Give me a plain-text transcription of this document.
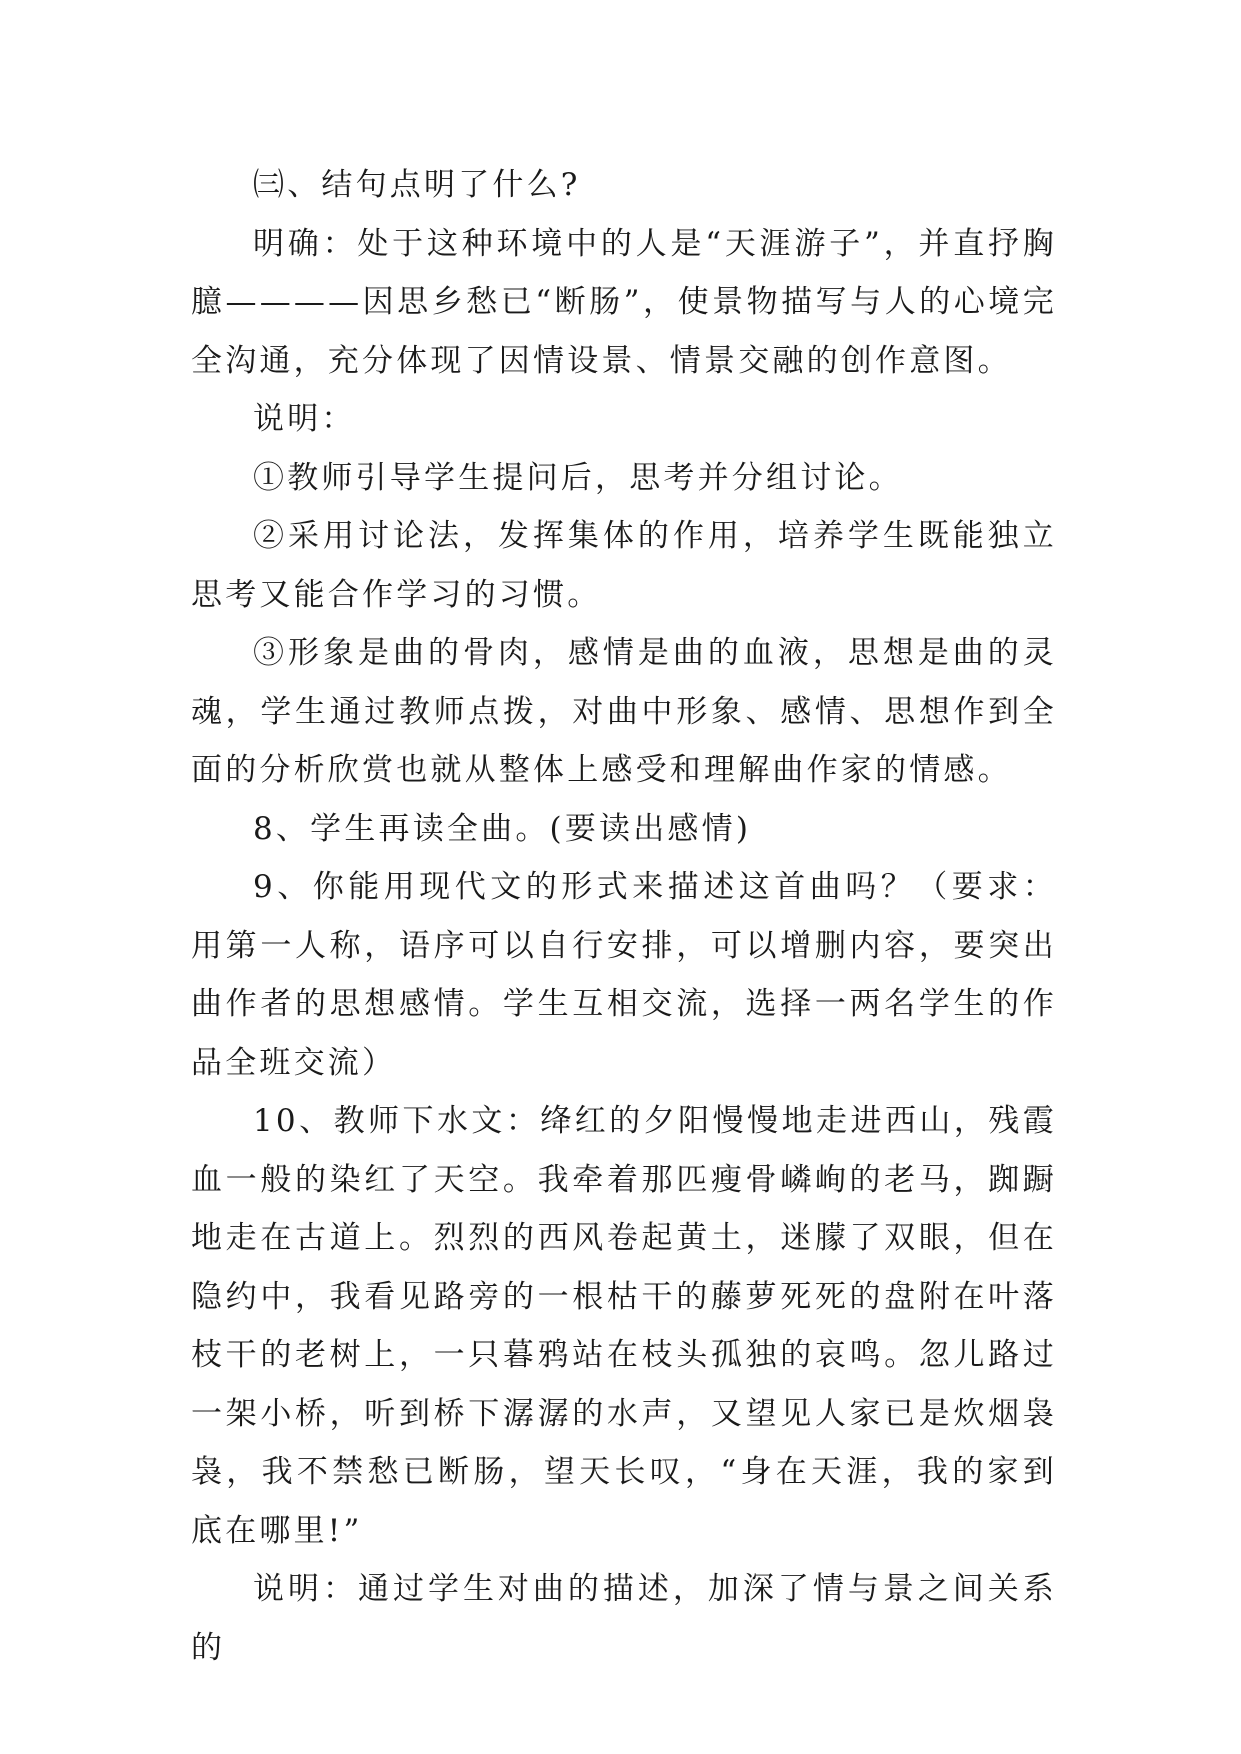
㈢、结句点明了什么?

明确：处于这种环境中的人是“天涯游子”，并直抒胸臆————因思乡愁已“断肠”，使景物描写与人的心境完全沟通，充分体现了因情设景、情景交融的创作意图。

说明：

①教师引导学生提问后，思考并分组讨论。

②采用讨论法，发挥集体的作用，培养学生既能独立思考又能合作学习的习惯。

③形象是曲的骨肉，感情是曲的血液，思想是曲的灵魂，学生通过教师点拨，对曲中形象、感情、思想作到全面的分析欣赏也就从整体上感受和理解曲作家的情感。

8、学生再读全曲。(要读出感情)

9、你能用现代文的形式来描述这首曲吗？（要求：用第一人称，语序可以自行安排，可以增删内容，要突出曲作者的思想感情。学生互相交流，选择一两名学生的作品全班交流）

10、教师下水文：绛红的夕阳慢慢地走进西山，残霞血一般的染红了天空。我牵着那匹瘦骨嶙峋的老马，踟蹰地走在古道上。烈烈的西风卷起黄土，迷朦了双眼，但在隐约中，我看见路旁的一根枯干的藤萝死死的盘附在叶落枝干的老树上，一只暮鸦站在枝头孤独的哀鸣。忽儿路过一架小桥，听到桥下潺潺的水声，又望见人家已是炊烟袅袅，我不禁愁已断肠，望天长叹，“身在天涯，我的家到底在哪里!”

说明：通过学生对曲的描述，加深了情与景之间关系的
